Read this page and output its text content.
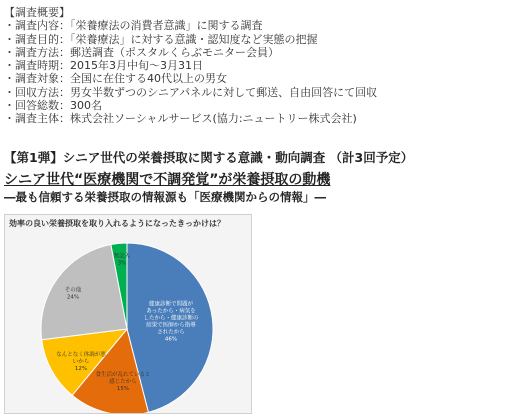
【調査概要】
・調査内容：「栄養療法の消費者意識」に関する調査
・調査目的：「栄養療法」に対する意識・認知度など実態の把握
・調査方法：郵送調査（ポスタルくらぶモニター会員）
・調査時期：2015年3月中旬〜3月31日
・調査対象：全国に在住する40代以上の男女
・回収方法：男女半数ずつのシニアパネルに対して郵送、自由回答にて回収
・回答総数：300名
・調査主体：株式会社ソーシャルサービス(協力:ニュートリー株式会社)
【第1弾】シニア世代の栄養摂取に関する意識・動向調査 （計3回予定）
シニア世代“医療機関で不調発覚”が栄養摂取の動機
―最も信頼する栄養摂取の情報源も「医療機関からの情報」―
効率の良い栄養摂取を取り入れるようになったきっかけは？
健康診断で問題があったから・病気をしたから・健康診断の結果で医師から指導されたから 46%
食生活が乱れていると感じたから 15%
なんとなく体調が悪いから 12%
その他 24%
無記入 3%
